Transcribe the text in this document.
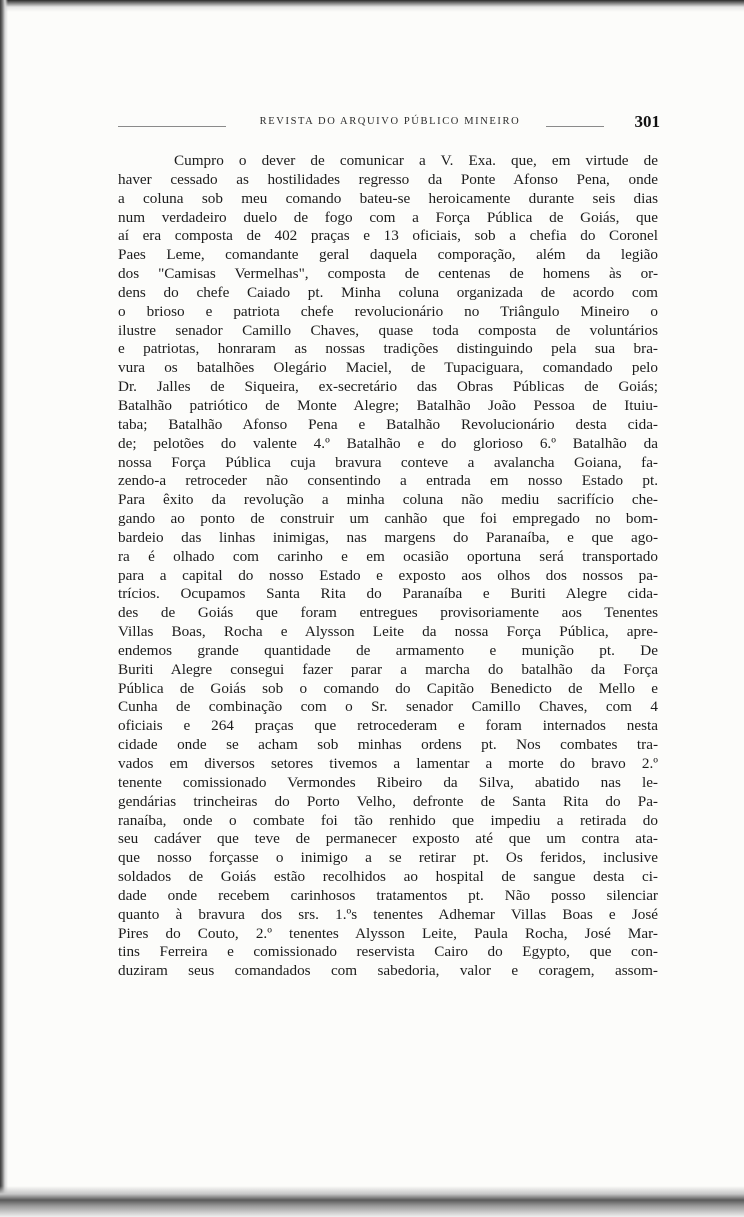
REVISTA DO ARQUIVO PÚBLICO MINEIRO	301
Cumpro o dever de comunicar a V. Exa. que, em virtude de
haver cessado as hostilidades regresso da Ponte Afonso Pena, onde
a coluna sob meu comando bateu-se heroicamente durante seis dias
num verdadeiro duelo de fogo com a Força Pública de Goiás, que
aí era composta de 402 praças e 13 oficiais, sob a chefia do Coronel
Paes Leme, comandante geral daquela comporação, além da legião
dos "Camisas Vermelhas", composta de centenas de homens às or-
dens do chefe Caiado pt. Minha coluna organizada de acordo com
o brioso e patriota chefe revolucionário no Triângulo Mineiro o
ilustre senador Camillo Chaves, quase toda composta de voluntários
e patriotas, honraram as nossas tradições distinguindo pela sua bra-
vura os batalhões Olegário Maciel, de Tupaciguara, comandado pelo
Dr. Jalles de Siqueira, ex-secretário das Obras Públicas de Goiás;
Batalhão patriótico de Monte Alegre; Batalhão João Pessoa de Ituiu-
taba; Batalhão Afonso Pena e Batalhão Revolucionário desta cida-
de; pelotões do valente 4.º Batalhão e do glorioso 6.º Batalhão da
nossa Força Pública cuja bravura conteve a avalancha Goiana, fa-
zendo-a retroceder não consentindo a entrada em nosso Estado pt.
Para êxito da revolução a minha coluna não mediu sacrifício che-
gando ao ponto de construir um canhão que foi empregado no bom-
bardeio das linhas inimigas, nas margens do Paranaíba, e que ago-
ra é olhado com carinho e em ocasião oportuna será transportado
para a capital do nosso Estado e exposto aos olhos dos nossos pa-
trícios. Ocupamos Santa Rita do Paranaíba e Buriti Alegre cida-
des de Goiás que foram entregues provisoriamente aos Tenentes
Villas Boas, Rocha e Alysson Leite da nossa Força Pública, apre-
endemos grande quantidade de armamento e munição pt. De
Buriti Alegre consegui fazer parar a marcha do batalhão da Força
Pública de Goiás sob o comando do Capitão Benedicto de Mello e
Cunha de combinação com o Sr. senador Camillo Chaves, com 4
oficiais e 264 praças que retrocederam e foram internados nesta
cidade onde se acham sob minhas ordens pt. Nos combates tra-
vados em diversos setores tivemos a lamentar a morte do bravo 2.º
tenente comissionado Vermondes Ribeiro da Silva, abatido nas le-
gendárias trincheiras do Porto Velho, defronte de Santa Rita do Pa-
ranaíba, onde o combate foi tão renhido que impediu a retirada do
seu cadáver que teve de permanecer exposto até que um contra ata-
que nosso forçasse o inimigo a se retirar pt. Os feridos, inclusive
soldados de Goiás estão recolhidos ao hospital de sangue desta ci-
dade onde recebem carinhosos tratamentos pt. Não posso silenciar
quanto à bravura dos srs. 1.ºs tenentes Adhemar Villas Boas e José
Pires do Couto, 2.º tenentes Alysson Leite, Paula Rocha, José Mar-
tins Ferreira e comissionado reservista Cairo do Egypto, que con-
duziram seus comandados com sabedoria, valor e coragem, assom-
